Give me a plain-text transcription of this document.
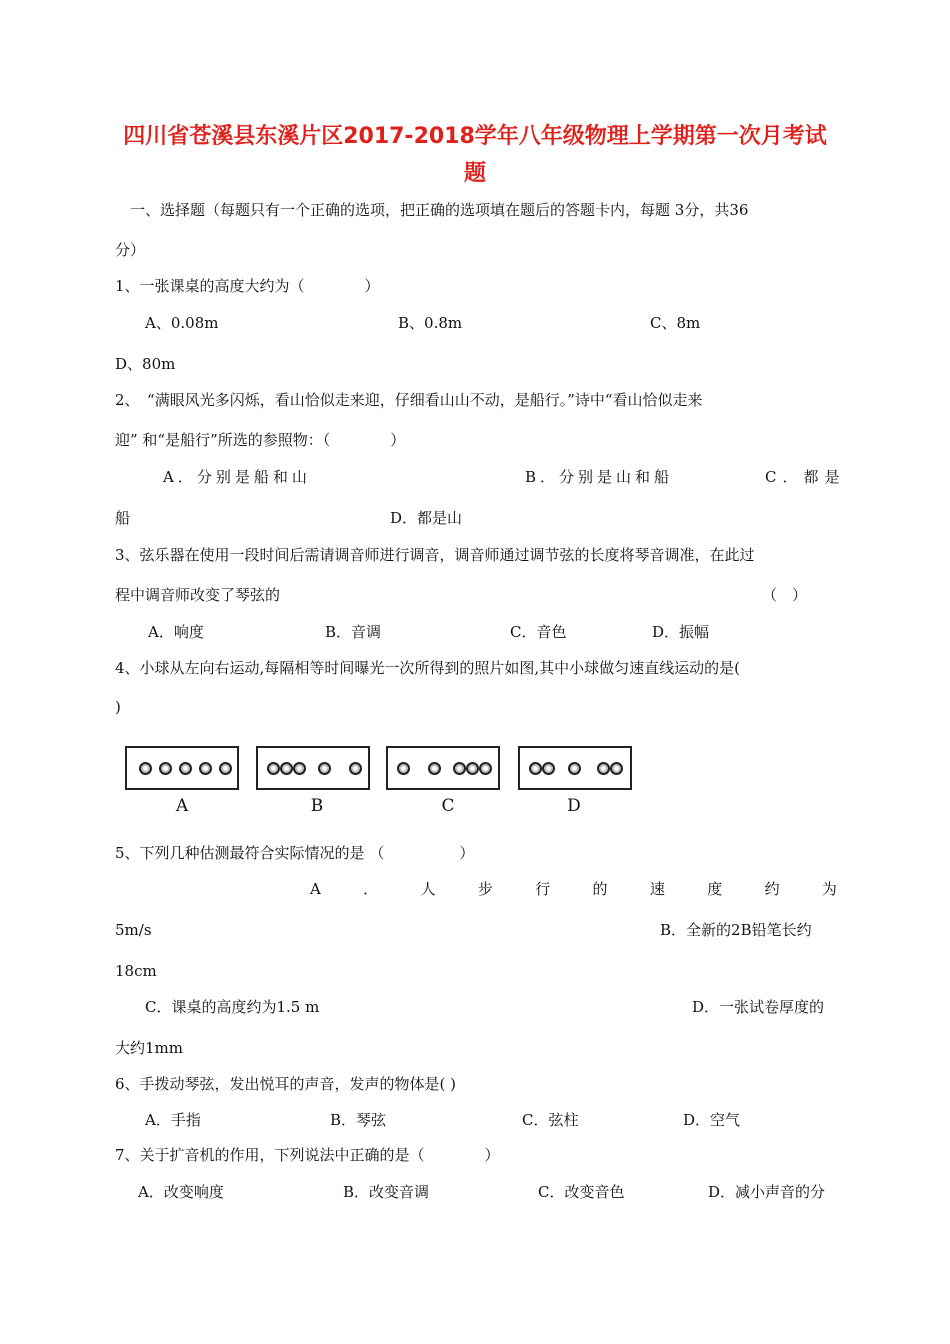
四川省苍溪县东溪片区2017-2018学年八年级物理上学期第一次月考试
题
一、选择题（每题只有一个正确的选项，把正确的选项填在题后的答题卡内，每题 3分，共36
分）
1、一张课桌的高度大约为（　　　　）
A、0.08m	B、0.8m	C、8m
D、80m
2、　“满眼风光多闪烁，看山恰似走来迎，仔细看山山不动，是船行。”诗中“看山恰似走来
迎” 和“是船行”所选的参照物：（　　　　）
A．分别是船和山	B．分别是山和船	C．都是
船	D．都是山
3、弦乐器在使用一段时间后需请调音师进行调音，调音师通过调节弦的长度将琴音调准，在此过
程中调音师改变了琴弦的	（　）
A．响度	B．音调	C．音色	D．振幅
4、小球从左向右运动,每隔相等时间曝光一次所得到的照片如图,其中小球做匀速直线运动的是(
)
A	B	C	D
5、下列几种估测最符合实际情况的是 （　　　　　）
A	．	人	步	行	的	速	度	约	为
5m/s	B．全新的2B铅笔长约
18cm
C．课桌的高度约为1.5 m	D．一张试卷厚度的
大约1mm
6、手拨动琴弦，发出悦耳的声音，发声的物体是( )
A．手指	B．琴弦	C．弦柱	D．空气
7、关于扩音机的作用，下列说法中正确的是（　　　　）
A．改变响度	B．改变音调	C．改变音色	D．减小声音的分
